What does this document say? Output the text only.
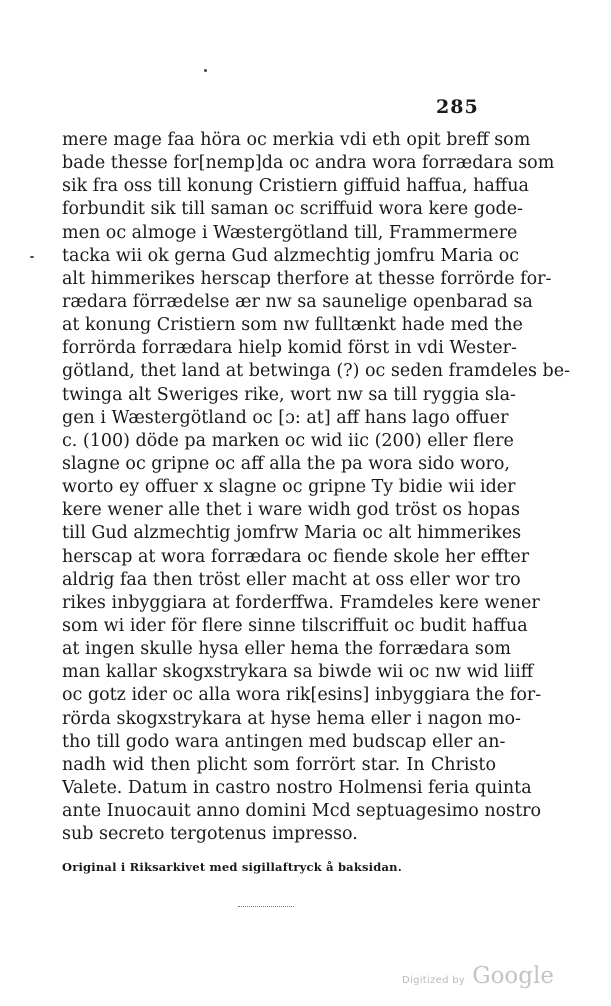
285
mere mage faa höra oc merkia vdi eth opit breff som
bade thesse for[nemp]da oc andra wora forrædara som
sik fra oss till konung Cristiern giffuid haffua, haffua
forbundit sik till saman oc scriffuid wora kere gode-
men oc almoge i Wæstergötland till, Frammermere
tacka wii ok gerna Gud alzmechtig jomfru Maria oc
alt himmerikes herscap therfore at thesse forrörde for-
rædara förrædelse ær nw sa saunelige openbarad sa
at konung Cristiern som nw fulltænkt hade med the
forrörda forrædara hielp komid först in vdi Wester-
götland, thet land at betwinga (?) oc seden framdeles be-
twinga alt Sweriges rike, wort nw sa till ryggia sla-
gen i Wæstergötland oc [ɔ: at] aff hans lago offuer
c. (100) döde pa marken oc wid iic (200) eller flere
slagne oc gripne oc aff alla the pa wora sido woro,
worto ey offuer x slagne oc gripne Ty bidie wii ider
kere wener alle thet i ware widh god tröst os hopas
till Gud alzmechtig jomfrw Maria oc alt himmerikes
herscap at wora forrædara oc fiende skole her effter
aldrig faa then tröst eller macht at oss eller wor tro
rikes inbyggiara at forderffwa. Framdeles kere wener
som wi ider för flere sinne tilscriffuit oc budit haffua
at ingen skulle hysa eller hema the forrædara som
man kallar skogxstrykara sa biwde wii oc nw wid liiff
oc gotz ider oc alla wora rik[esins] inbyggiara the for-
rörda skogxstrykara at hyse hema eller i nagon mo-
tho till godo wara antingen med budscap eller an-
nadh wid then plicht som forrört star. In Christo
Valete. Datum in castro nostro Holmensi feria quinta
ante Inuocauit anno domini Mcd septuagesimo nostro
sub secreto tergotenus impresso.
Original i Riksarkivet med sigillaftryck å baksidan.
Digitized by Google
